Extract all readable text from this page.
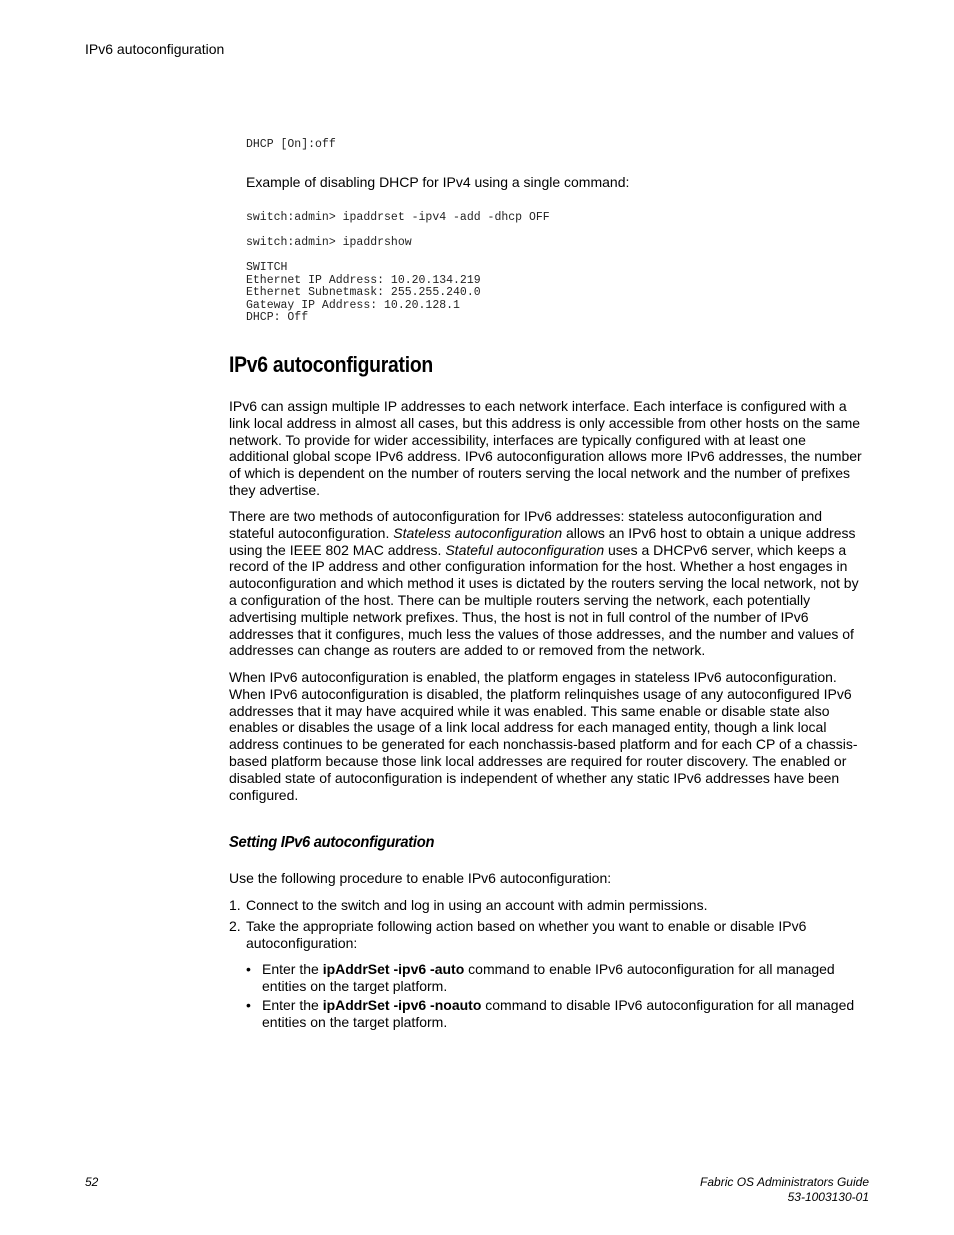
IPv6 autoconfiguration
DHCP [On]:off
Example of disabling DHCP for IPv4 using a single command:
switch:admin> ipaddrset -ipv4 -add -dhcp OFF
switch:admin> ipaddrshow
SWITCH
Ethernet IP Address: 10.20.134.219
Ethernet Subnetmask: 255.255.240.0
Gateway IP Address: 10.20.128.1
DHCP: Off
IPv6 autoconfiguration

IPv6 can assign multiple IP addresses to each network interface. Each interface is configured with a link local address in almost all cases, but this address is only accessible from other hosts on the same network. To provide for wider accessibility, interfaces are typically configured with at least one additional global scope IPv6 address. IPv6 autoconfiguration allows more IPv6 addresses, the number of which is dependent on the number of routers serving the local network and the number of prefixes they advertise.

There are two methods of autoconfiguration for IPv6 addresses: stateless autoconfiguration and stateful autoconfiguration. Stateless autoconfiguration allows an IPv6 host to obtain a unique address using the IEEE 802 MAC address. Stateful autoconfiguration uses a DHCPv6 server, which keeps a record of the IP address and other configuration information for the host. Whether a host engages in autoconfiguration and which method it uses is dictated by the routers serving the local network, not by a configuration of the host. There can be multiple routers serving the network, each potentially advertising multiple network prefixes. Thus, the host is not in full control of the number of IPv6 addresses that it configures, much less the values of those addresses, and the number and values of addresses can change as routers are added to or removed from the network.

When IPv6 autoconfiguration is enabled, the platform engages in stateless IPv6 autoconfiguration. When IPv6 autoconfiguration is disabled, the platform relinquishes usage of any autoconfigured IPv6 addresses that it may have acquired while it was enabled. This same enable or disable state also enables or disables the usage of a link local address for each managed entity, though a link local address continues to be generated for each nonchassis-based platform and for each CP of a chassis-based platform because those link local addresses are required for router discovery. The enabled or disabled state of autoconfiguration is independent of whether any static IPv6 addresses have been configured.

Setting IPv6 autoconfiguration

Use the following procedure to enable IPv6 autoconfiguration:

1. Connect to the switch and log in using an account with admin permissions.
2. Take the appropriate following action based on whether you want to enable or disable IPv6 autoconfiguration:
• Enter the ipAddrSet -ipv6 -auto command to enable IPv6 autoconfiguration for all managed entities on the target platform.
• Enter the ipAddrSet -ipv6 -noauto command to disable IPv6 autoconfiguration for all managed entities on the target platform.
52	Fabric OS Administrators Guide
53-1003130-01
